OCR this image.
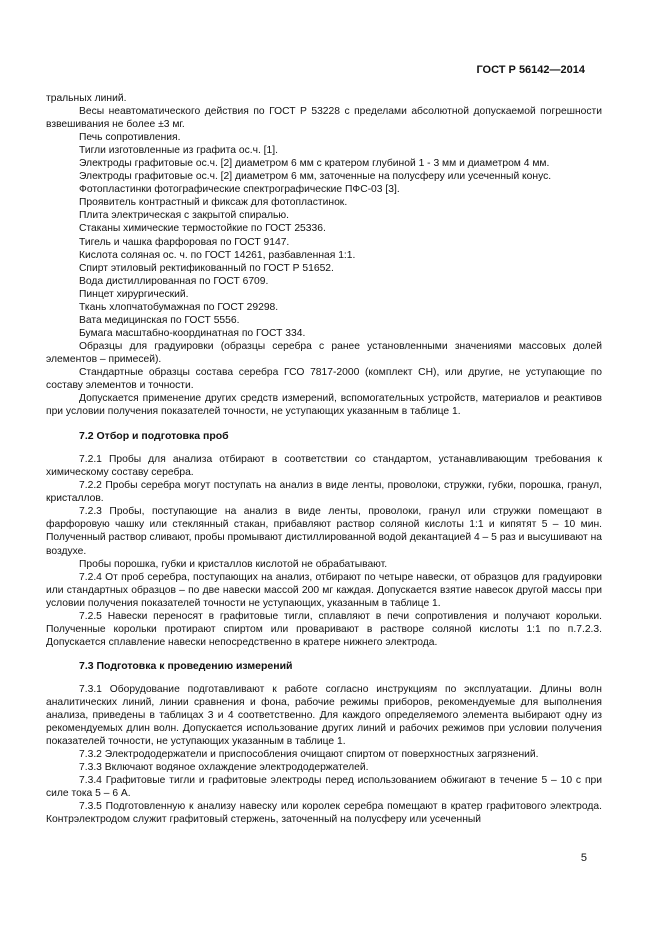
ГОСТ Р 56142—2014

тральных линий.

Весы неавтоматического действия по ГОСТ Р 53228 с пределами абсолютной допускаемой погрешности взвешивания не более ±3 мг.

Печь сопротивления.

Тигли изготовленные из графита ос.ч. [1].

Электроды графитовые ос.ч. [2] диаметром 6 мм с кратером глубиной 1 - 3 мм и диаметром 4 мм.

Электроды графитовые ос.ч. [2] диаметром 6 мм, заточенные на полусферу или усеченный конус.

Фотопластинки фотографические спектрографические ПФС-03 [3].

Проявитель контрастный и фиксаж для фотопластинок.

Плита электрическая с закрытой спиралью.

Стаканы химические термостойкие по ГОСТ 25336.

Тигель и чашка фарфоровая по ГОСТ 9147.

Кислота соляная ос. ч. по ГОСТ 14261, разбавленная 1:1.

Спирт этиловый ректификованный по ГОСТ Р 51652.

Вода дистиллированная по ГОСТ 6709.

Пинцет хирургический.

Ткань хлопчатобумажная по ГОСТ 29298.

Вата медицинская по ГОСТ 5556.

Бумага масштабно-координатная по ГОСТ 334.

Образцы для градуировки (образцы серебра с ранее установленными значениями массовых долей элементов – примесей).

Стандартные образцы состава серебра ГСО 7817-2000 (комплект СН), или другие, не уступающие по составу элементов и точности.

Допускается применение других средств измерений, вспомогательных устройств, материалов и реактивов при условии получения показателей точности, не уступающих указанным в таблице 1.

7.2 Отбор и подготовка проб

7.2.1 Пробы для анализа отбирают в соответствии со стандартом, устанавливающим требования к химическому составу серебра.

7.2.2 Пробы серебра могут поступать на анализ в виде ленты, проволоки, стружки, губки, порошка, гранул, кристаллов.

7.2.3 Пробы, поступающие на анализ в виде ленты, проволоки, гранул или стружки помещают в фарфоровую чашку или стеклянный стакан, прибавляют раствор соляной кислоты 1:1 и кипятят 5 – 10 мин. Полученный раствор сливают, пробы промывают дистиллированной водой декантацией 4 – 5 раз и высушивают на воздухе.

Пробы порошка, губки и кристаллов кислотой не обрабатывают.

7.2.4 От проб серебра, поступающих на анализ, отбирают по четыре навески, от образцов для градуировки или стандартных образцов – по две навески массой 200 мг каждая. Допускается взятие навесок другой массы при условии получения показателей точности не уступающих, указанным в таблице 1.

7.2.5 Навески переносят в графитовые тигли, сплавляют в печи сопротивления и получают корольки. Полученные корольки протирают спиртом или проваривают в растворе соляной кислоты 1:1 по п.7.2.3. Допускается сплавление навески непосредственно в кратере нижнего электрода.

7.3 Подготовка к проведению измерений

7.3.1 Оборудование подготавливают к работе согласно инструкциям по эксплуатации. Длины волн аналитических линий, линии сравнения и фона, рабочие режимы приборов, рекомендуемые для выполнения анализа, приведены в таблицах 3 и 4 соответственно. Для каждого определяемого элемента выбирают одну из рекомендуемых длин волн. Допускается использование других линий и рабочих режимов при условии получения показателей точности, не уступающих указанным в таблице 1.

7.3.2 Электрододержатели и приспособления очищают спиртом от поверхностных загрязнений.

7.3.3 Включают водяное охлаждение электрододержателей.

7.3.4 Графитовые тигли и графитовые электроды перед использованием обжигают в течение 5 – 10 с при силе тока 5 – 6 А.

7.3.5 Подготовленную к анализу навеску или королек серебра помещают в кратер графитового электрода. Контрэлектродом служит графитовый стержень, заточенный на полусферу или усеченный

5
